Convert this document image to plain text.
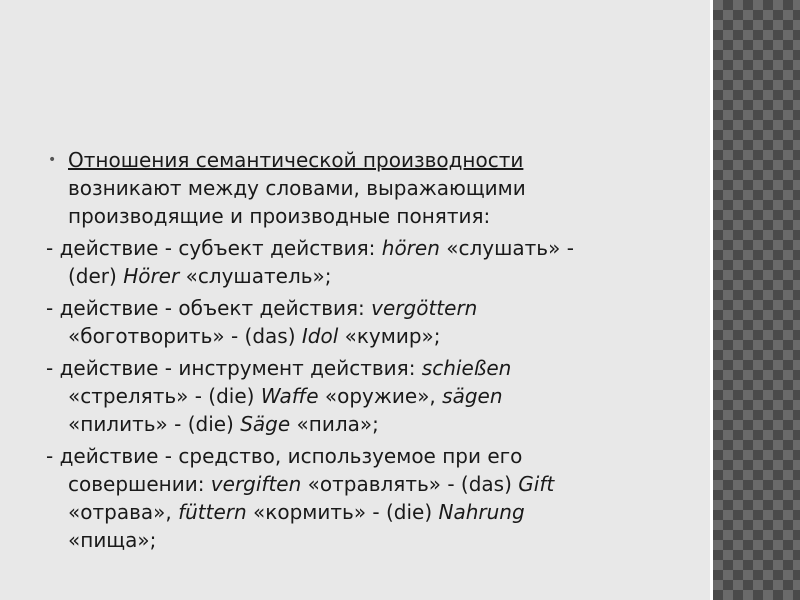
• Отношения семантической производности
возникают между словами, выражающими
производящие и производные понятия:
- действие - субъект действия: hören «слушать» -
(der) Hörer «слушатель»;
- действие - объект действия: vergöttern
«боготворить» - (das) Idol «кумир»;
- действие - инструмент действия: schießen
«стрелять» - (die) Waffe «оружие», sägen
«пилить» - (die) Säge «пила»;
- действие - средство, используемое при его
совершении: vergiften «отравлять» - (das) Gift
«отрава», füttern «кормить» - (die) Nahrung
«пища»;
